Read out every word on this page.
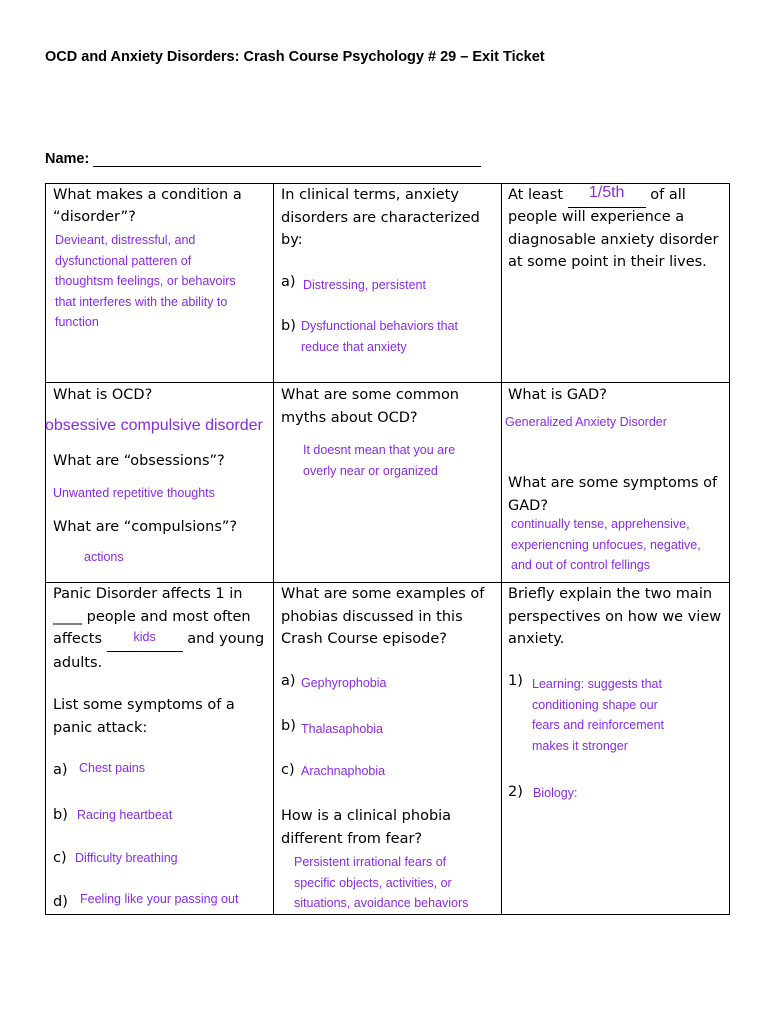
OCD and Anxiety Disorders: Crash Course Psychology # 29 – Exit Ticket
Name:
What makes a condition a
“disorder”?
Devieant, distressful, and
dysfunctional patteren of
thoughtsm feelings, or behavoirs
that interferes with the ability to
function
In clinical terms, anxiety
disorders are characterized
by:
a) Distressing, persistent
b) Dysfunctional behaviors that
reduce that anxiety
At least 1/5th of all
people will experience a
diagnosable anxiety disorder
at some point in their lives.
What is OCD?
obsessive compulsive disorder
What are “obsessions”?
Unwanted repetitive thoughts
What are “compulsions”?
actions
What are some common
myths about OCD?
It doesnt mean that you are
overly near or organized
What is GAD?
Generalized Anxiety Disorder
What are some symptoms of
GAD?
continually tense, apprehensive,
experiencning unfocues, negative,
and out of control fellings
Panic Disorder affects 1 in
____ people and most often
affects	kids and young
adults.
List some symptoms of a
panic attack:
a) Chest pains
b) Racing heartbeat
c) Difficulty breathing
d) Feeling like your passing out
What are some examples of
phobias discussed in this
Crash Course episode?
a) Gephyrophobia
b) Thalasaphobia
c) Arachnaphobia
How is a clinical phobia
different from fear?
Persistent irrational fears of
specific objects, activities, or
situations, avoidance behaviors
Briefly explain the two main
perspectives on how we view
anxiety.
1) Learning: suggests that
conditioning shape our
fears and reinforcement
makes it stronger
2) Biology:
